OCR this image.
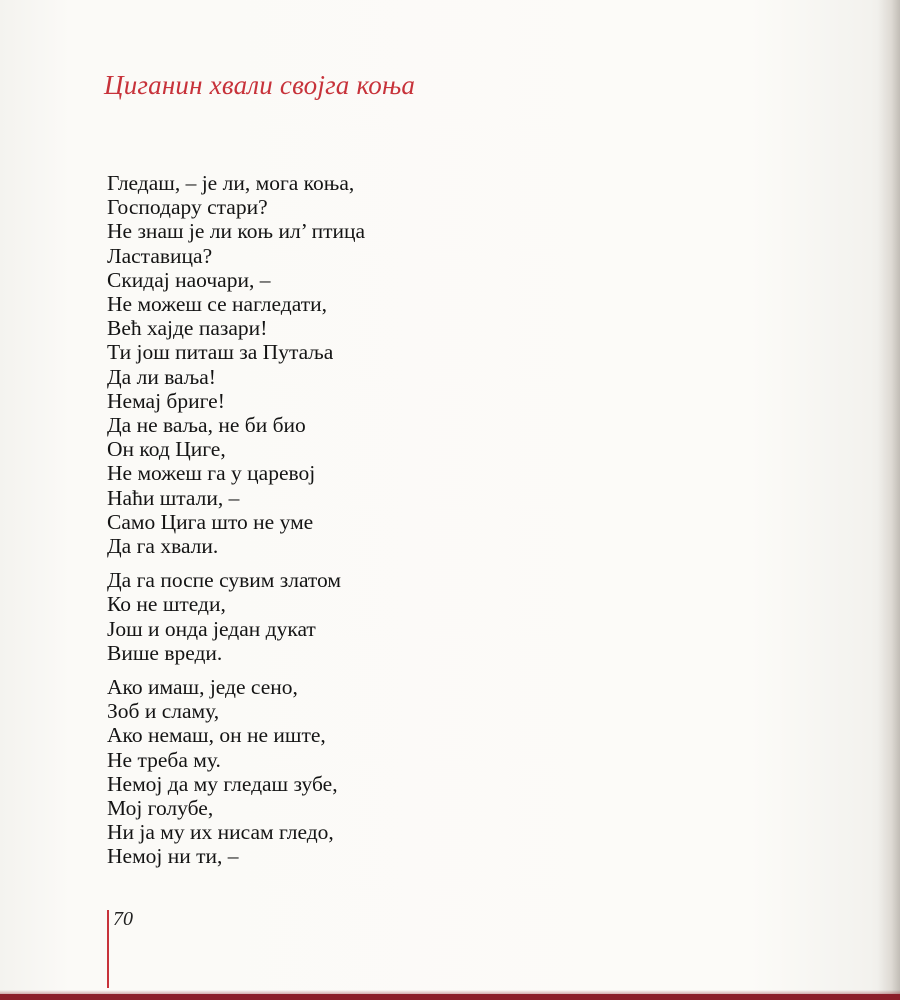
Циганин хвали својга коња
Гледаш, – је ли, мога коња,
Господару стари?
Не знаш је ли коњ ил’ птица
Ластавица?
Скидај наочари, –
Не можеш се нагледати,
Већ хајде пазари!
Ти још питаш за Путаља
Да ли ваља!
Немај бриге!
Да не ваља, не би био
Он код Циге,
Не можеш га у царевој
Наћи штали, –
Само Цига што не уме
Да га хвали.
Да га поспе сувим златом
Ко не штеди,
Још и онда један дукат
Више вреди.
Ако имаш, једе сено,
Зоб и сламу,
Ако немаш, он не иште,
Не треба му.
Немој да му гледаш зубе,
Мој голубе,
Ни ја му их нисам гледо,
Немој ни ти, –
70
